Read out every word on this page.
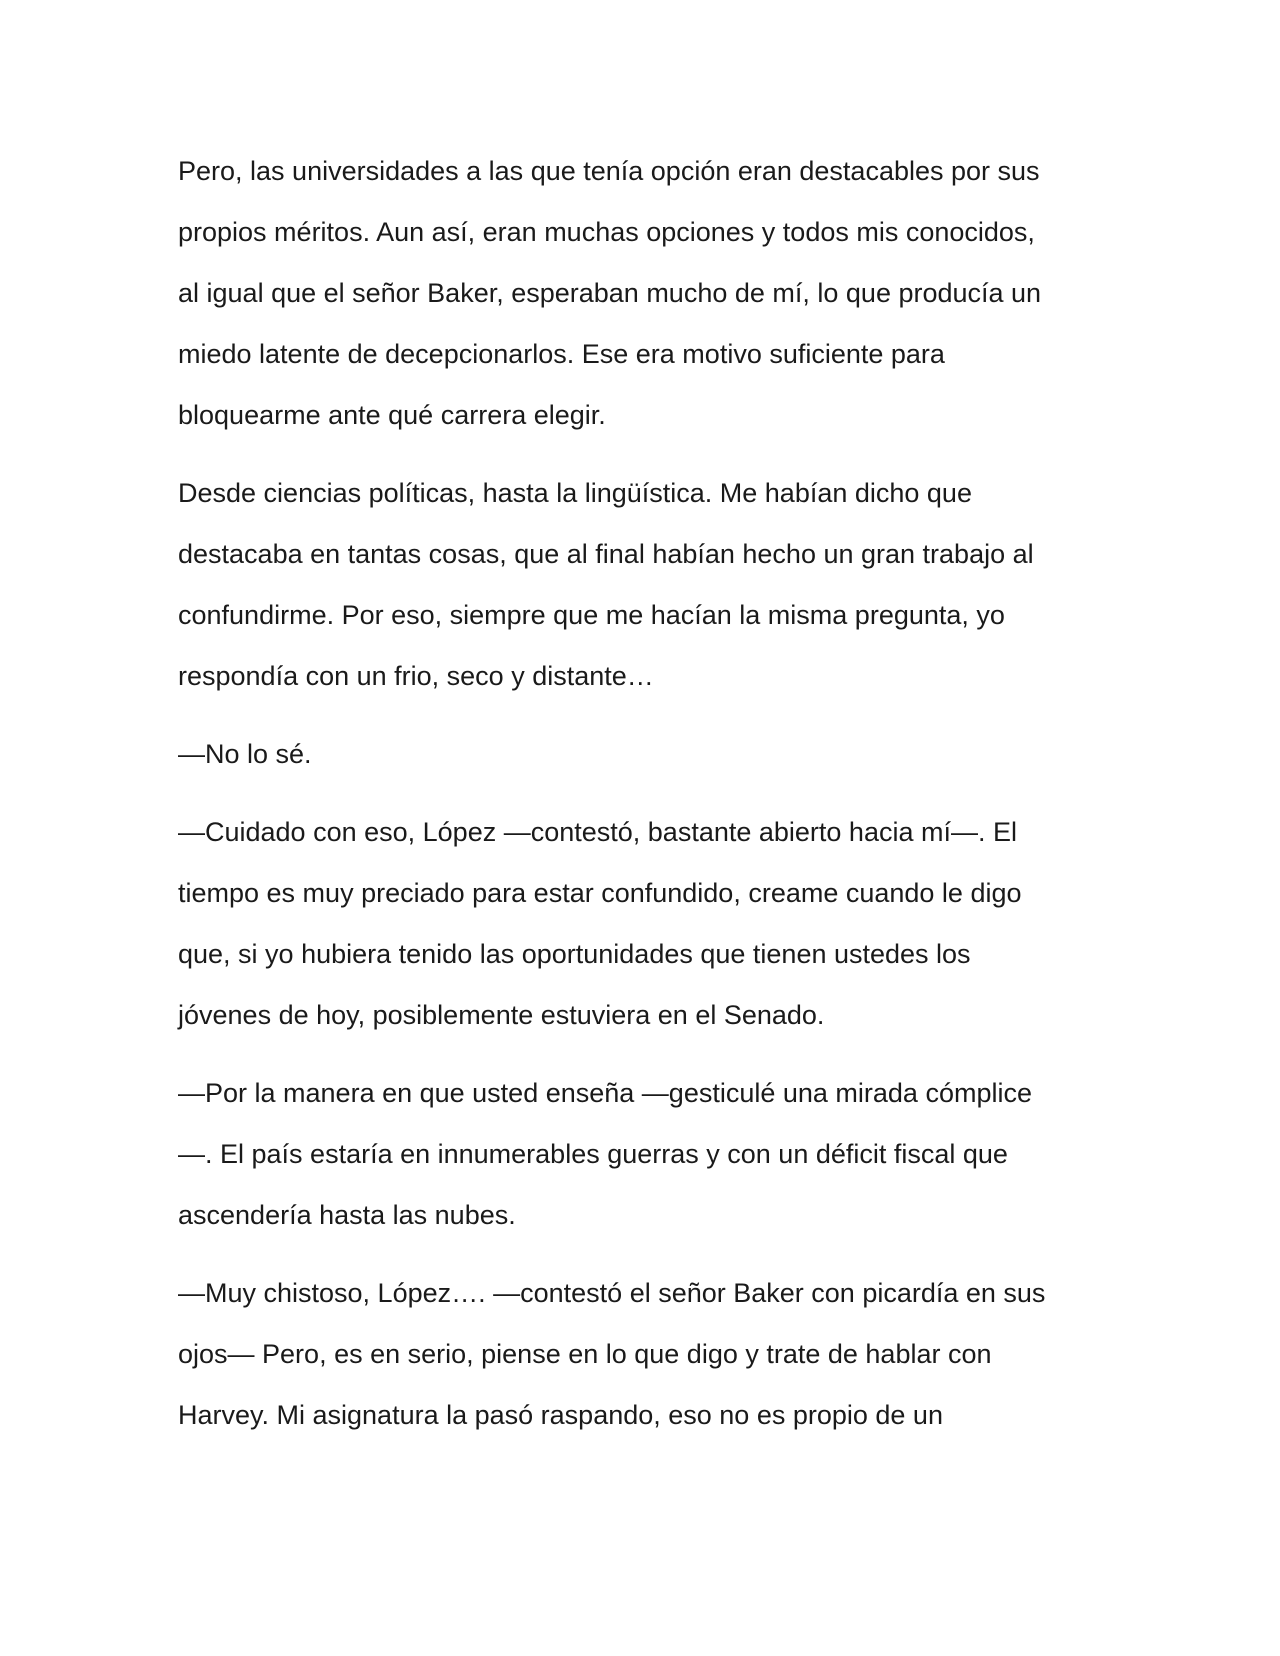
Pero, las universidades a las que tenía opción eran destacables por sus
propios méritos. Aun así, eran muchas opciones y todos mis conocidos,
al igual que el señor Baker, esperaban mucho de mí, lo que producía un
miedo latente de decepcionarlos. Ese era motivo suficiente para
bloquearme ante qué carrera elegir.

Desde ciencias políticas, hasta la lingüística. Me habían dicho que
destacaba en tantas cosas, que al final habían hecho un gran trabajo al
confundirme. Por eso, siempre que me hacían la misma pregunta, yo
respondía con un frio, seco y distante…

—No lo sé.

—Cuidado con eso, López —contestó, bastante abierto hacia mí—. El
tiempo es muy preciado para estar confundido, creame cuando le digo
que, si yo hubiera tenido las oportunidades que tienen ustedes los
jóvenes de hoy, posiblemente estuviera en el Senado.

—Por la manera en que usted enseña —gesticulé una mirada cómplice
—. El país estaría en innumerables guerras y con un déficit fiscal que
ascendería hasta las nubes.

—Muy chistoso, López…. —contestó el señor Baker con picardía en sus
ojos— Pero, es en serio, piense en lo que digo y trate de hablar con
Harvey. Mi asignatura la pasó raspando, eso no es propio de un
